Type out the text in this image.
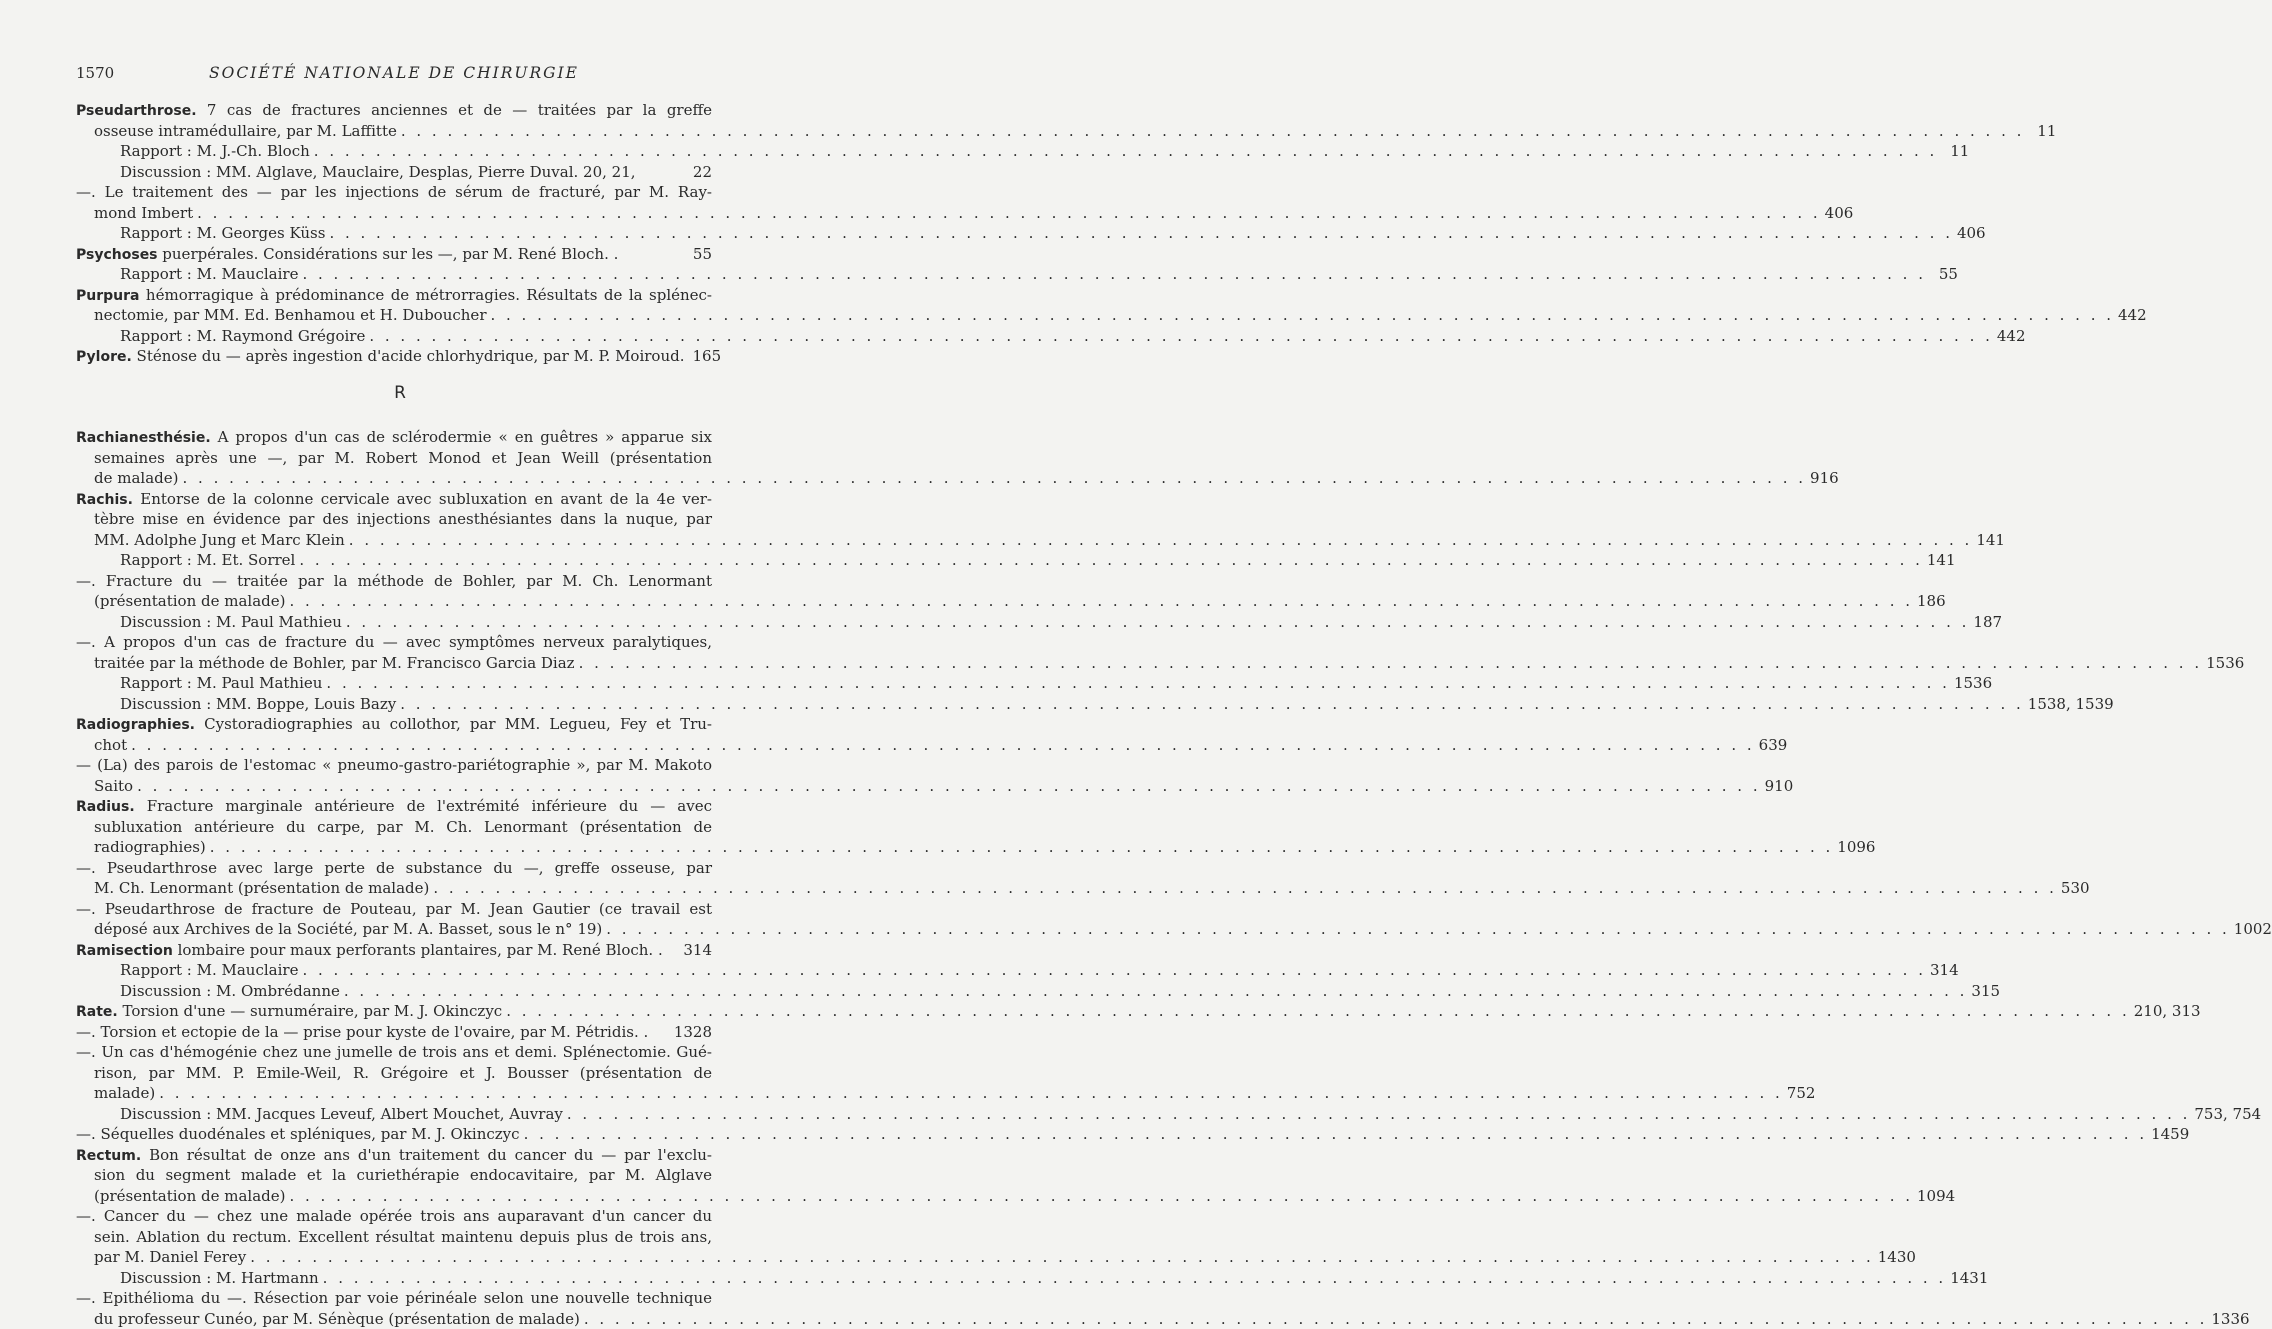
1570	SOCIÉTÉ NATIONALE DE CHIRURGIE
Pseudarthrose. 7 cas de fractures anciennes et de — traitées par la greffe
osseuse intramédullaire, par M. Laffitte . . . . . . . . . . . . . . . . . . . . . . . . . . . . . . . . . . . . . . . . . . . . . . . . . . . . . . . . . . . . . . . . . . . . . . . . . . . . . . . . . . . . . . . . . . . . . . . . . . . . . . . . . 11
Rapport : M. J.-Ch. Bloch . . . . . . . . . . . . . . . . . . . . . . . . . . . . . . . . . . . . . . . . . . . . . . . . . . . . . . . . . . . . . . . . . . . . . . . . . . . . . . . . . . . . . . . . . . . . . . . . . . . . . . . . . 11
Discussion : MM. Alglave, Mauclaire, Desplas, Pierre Duval. 20, 21,	22
—. Le traitement des — par les injections de sérum de fracturé, par M. Ray-
mond Imbert . . . . . . . . . . . . . . . . . . . . . . . . . . . . . . . . . . . . . . . . . . . . . . . . . . . . . . . . . . . . . . . . . . . . . . . . . . . . . . . . . . . . . . . . . . . . . . . . . . . . . . . . . 406
Rapport : M. Georges Küss . . . . . . . . . . . . . . . . . . . . . . . . . . . . . . . . . . . . . . . . . . . . . . . . . . . . . . . . . . . . . . . . . . . . . . . . . . . . . . . . . . . . . . . . . . . . . . . . . . . . . . . . . 406
Psychoses puerpérales. Considérations sur les —, par M. René Bloch. .	55
Rapport : M. Mauclaire . . . . . . . . . . . . . . . . . . . . . . . . . . . . . . . . . . . . . . . . . . . . . . . . . . . . . . . . . . . . . . . . . . . . . . . . . . . . . . . . . . . . . . . . . . . . . . . . . . . . . . . . . 55
Purpura hémorragique à prédominance de métrorragies. Résultats de la splénec-
nectomie, par MM. Ed. Benhamou et H. Duboucher . . . . . . . . . . . . . . . . . . . . . . . . . . . . . . . . . . . . . . . . . . . . . . . . . . . . . . . . . . . . . . . . . . . . . . . . . . . . . . . . . . . . . . . . . . . . . . . . . . . . . . . . . 442
Rapport : M. Raymond Grégoire . . . . . . . . . . . . . . . . . . . . . . . . . . . . . . . . . . . . . . . . . . . . . . . . . . . . . . . . . . . . . . . . . . . . . . . . . . . . . . . . . . . . . . . . . . . . . . . . . . . . . . . . . 442
Pylore. Sténose du — après ingestion d'acide chlorhydrique, par M. P. Moiroud. 165
R
Rachianesthésie. A propos d'un cas de sclérodermie « en guêtres » apparue six
semaines après une —, par M. Robert Monod et Jean Weill (présentation
de malade) . . . . . . . . . . . . . . . . . . . . . . . . . . . . . . . . . . . . . . . . . . . . . . . . . . . . . . . . . . . . . . . . . . . . . . . . . . . . . . . . . . . . . . . . . . . . . . . . . . . . . . . . . 916
Rachis. Entorse de la colonne cervicale avec subluxation en avant de la 4e ver-
tèbre mise en évidence par des injections anesthésiantes dans la nuque, par
MM. Adolphe Jung et Marc Klein . . . . . . . . . . . . . . . . . . . . . . . . . . . . . . . . . . . . . . . . . . . . . . . . . . . . . . . . . . . . . . . . . . . . . . . . . . . . . . . . . . . . . . . . . . . . . . . . . . . . . . . . . 141
Rapport : M. Et. Sorrel . . . . . . . . . . . . . . . . . . . . . . . . . . . . . . . . . . . . . . . . . . . . . . . . . . . . . . . . . . . . . . . . . . . . . . . . . . . . . . . . . . . . . . . . . . . . . . . . . . . . . . . . . 141
—. Fracture du — traitée par la méthode de Bohler, par M. Ch. Lenormant
(présentation de malade) . . . . . . . . . . . . . . . . . . . . . . . . . . . . . . . . . . . . . . . . . . . . . . . . . . . . . . . . . . . . . . . . . . . . . . . . . . . . . . . . . . . . . . . . . . . . . . . . . . . . . . . . . 186
Discussion : M. Paul Mathieu . . . . . . . . . . . . . . . . . . . . . . . . . . . . . . . . . . . . . . . . . . . . . . . . . . . . . . . . . . . . . . . . . . . . . . . . . . . . . . . . . . . . . . . . . . . . . . . . . . . . . . . . . 187
—. A propos d'un cas de fracture du — avec symptômes nerveux paralytiques,
traitée par la méthode de Bohler, par M. Francisco Garcia Diaz . . . . . . . . . . . . . . . . . . . . . . . . . . . . . . . . . . . . . . . . . . . . . . . . . . . . . . . . . . . . . . . . . . . . . . . . . . . . . . . . . . . . . . . . . . . . . . . . . . . . . . . . . 1536
Rapport : M. Paul Mathieu . . . . . . . . . . . . . . . . . . . . . . . . . . . . . . . . . . . . . . . . . . . . . . . . . . . . . . . . . . . . . . . . . . . . . . . . . . . . . . . . . . . . . . . . . . . . . . . . . . . . . . . . . 1536
Discussion : MM. Boppe, Louis Bazy . . . . . . . . . . . . . . . . . . . . . . . . . . . . . . . . . . . . . . . . . . . . . . . . . . . . . . . . . . . . . . . . . . . . . . . . . . . . . . . . . . . . . . . . . . . . . . . . . . . . . . . . . 1538, 1539
Radiographies. Cystoradiographies au collothor, par MM. Legueu, Fey et Tru-
chot . . . . . . . . . . . . . . . . . . . . . . . . . . . . . . . . . . . . . . . . . . . . . . . . . . . . . . . . . . . . . . . . . . . . . . . . . . . . . . . . . . . . . . . . . . . . . . . . . . . . . . . . . 639
— (La) des parois de l'estomac « pneumo-gastro-pariétographie », par M. Makoto
Saito . . . . . . . . . . . . . . . . . . . . . . . . . . . . . . . . . . . . . . . . . . . . . . . . . . . . . . . . . . . . . . . . . . . . . . . . . . . . . . . . . . . . . . . . . . . . . . . . . . . . . . . . . 910
Radius. Fracture marginale antérieure de l'extrémité inférieure du — avec
subluxation antérieure du carpe, par M. Ch. Lenormant (présentation de
radiographies) . . . . . . . . . . . . . . . . . . . . . . . . . . . . . . . . . . . . . . . . . . . . . . . . . . . . . . . . . . . . . . . . . . . . . . . . . . . . . . . . . . . . . . . . . . . . . . . . . . . . . . . . . 1096
—. Pseudarthrose avec large perte de substance du —, greffe osseuse, par
M. Ch. Lenormant (présentation de malade) . . . . . . . . . . . . . . . . . . . . . . . . . . . . . . . . . . . . . . . . . . . . . . . . . . . . . . . . . . . . . . . . . . . . . . . . . . . . . . . . . . . . . . . . . . . . . . . . . . . . . . . . . 530
—. Pseudarthrose de fracture de Pouteau, par M. Jean Gautier (ce travail est
déposé aux Archives de la Société, par M. A. Basset, sous le n° 19) . . . . . . . . . . . . . . . . . . . . . . . . . . . . . . . . . . . . . . . . . . . . . . . . . . . . . . . . . . . . . . . . . . . . . . . . . . . . . . . . . . . . . . . . . . . . . . . . . . . . . . . . . 1002
Ramisection lombaire pour maux perforants plantaires, par M. René Bloch. . 314
Rapport : M. Mauclaire . . . . . . . . . . . . . . . . . . . . . . . . . . . . . . . . . . . . . . . . . . . . . . . . . . . . . . . . . . . . . . . . . . . . . . . . . . . . . . . . . . . . . . . . . . . . . . . . . . . . . . . . . 314
Discussion : M. Ombrédanne . . . . . . . . . . . . . . . . . . . . . . . . . . . . . . . . . . . . . . . . . . . . . . . . . . . . . . . . . . . . . . . . . . . . . . . . . . . . . . . . . . . . . . . . . . . . . . . . . . . . . . . . . 315
Rate. Torsion d'une — surnuméraire, par M. J. Okinczyc . . . . . . . . . . . . . . . . . . . . . . . . . . . . . . . . . . . . . . . . . . . . . . . . . . . . . . . . . . . . . . . . . . . . . . . . . . . . . . . . . . . . . . . . . . . . . . . . . . . . . . . . . 210, 313
—. Torsion et ectopie de la — prise pour kyste de l'ovaire, par M. Pétridis. . 1328
—. Un cas d'hémogénie chez une jumelle de trois ans et demi. Splénectomie. Gué-
rison, par MM. P. Emile-Weil, R. Grégoire et J. Bousser (présentation de
malade) . . . . . . . . . . . . . . . . . . . . . . . . . . . . . . . . . . . . . . . . . . . . . . . . . . . . . . . . . . . . . . . . . . . . . . . . . . . . . . . . . . . . . . . . . . . . . . . . . . . . . . . . . 752
Discussion : MM. Jacques Leveuf, Albert Mouchet, Auvray . . . . . . . . . . . . . . . . . . . . . . . . . . . . . . . . . . . . . . . . . . . . . . . . . . . . . . . . . . . . . . . . . . . . . . . . . . . . . . . . . . . . . . . . . . . . . . . . . . . . . . . . . 753, 754
—. Séquelles duodénales et spléniques, par M. J. Okinczyc . . . . . . . . . . . . . . . . . . . . . . . . . . . . . . . . . . . . . . . . . . . . . . . . . . . . . . . . . . . . . . . . . . . . . . . . . . . . . . . . . . . . . . . . . . . . . . . . . . . . . . . . . 1459
Rectum. Bon résultat de onze ans d'un traitement du cancer du — par l'exclu-
sion du segment malade et la curiethérapie endocavitaire, par M. Alglave
(présentation de malade) . . . . . . . . . . . . . . . . . . . . . . . . . . . . . . . . . . . . . . . . . . . . . . . . . . . . . . . . . . . . . . . . . . . . . . . . . . . . . . . . . . . . . . . . . . . . . . . . . . . . . . . . . 1094
—. Cancer du — chez une malade opérée trois ans auparavant d'un cancer du
sein. Ablation du rectum. Excellent résultat maintenu depuis plus de trois ans,
par M. Daniel Ferey . . . . . . . . . . . . . . . . . . . . . . . . . . . . . . . . . . . . . . . . . . . . . . . . . . . . . . . . . . . . . . . . . . . . . . . . . . . . . . . . . . . . . . . . . . . . . . . . . . . . . . . . . 1430
Discussion : M. Hartmann . . . . . . . . . . . . . . . . . . . . . . . . . . . . . . . . . . . . . . . . . . . . . . . . . . . . . . . . . . . . . . . . . . . . . . . . . . . . . . . . . . . . . . . . . . . . . . . . . . . . . . . . . 1431
—. Epithélioma du —. Résection par voie périnéale selon une nouvelle technique
du professeur Cunéo, par M. Sénèque (présentation de malade) . . . . . . . . . . . . . . . . . . . . . . . . . . . . . . . . . . . . . . . . . . . . . . . . . . . . . . . . . . . . . . . . . . . . . . . . . . . . . . . . . . . . . . . . . . . . . . . . . . . . . . . . . 1336
